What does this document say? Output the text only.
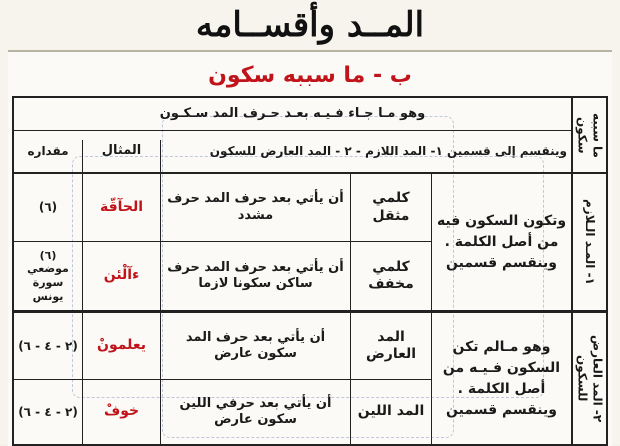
المــد وأقســامه
ب - ما سببه سكون
ما سببه سكون
١- المـد الـلازم
٢- المد العارض للسكون
وهو مـا جـاء فـيـه بعـد حـرف المد سـكـون
وينقسم إلى قسمين ١- المد اللازم - ٢ - المد العارض للسكون
المثال
مقداره
وتكون السكون فيه من أصل الكلمة . وينقسم قسمين
وهو مـالم تكن السكون فـيـه من أصل الكلمة . وينقسم قسمين
كلمي مثقل
أن يأتي بعد حرف المد حرف مشدد
الحآقّة
(٦)
كلمي مخفف
أن يأتي بعد حرف المد حرف ساكن سكونا لازما
ءآلْئن
(٦) موضعي سورة يونس
المد العارض
أن يأتي بعد حرف المد سكون عارض
يعلمونْ
(٢ - ٤ - ٦)
المد اللين
أن يأتي بعد حرفي اللين سكون عارض
خوفْ
(٢ - ٤ - ٦)
